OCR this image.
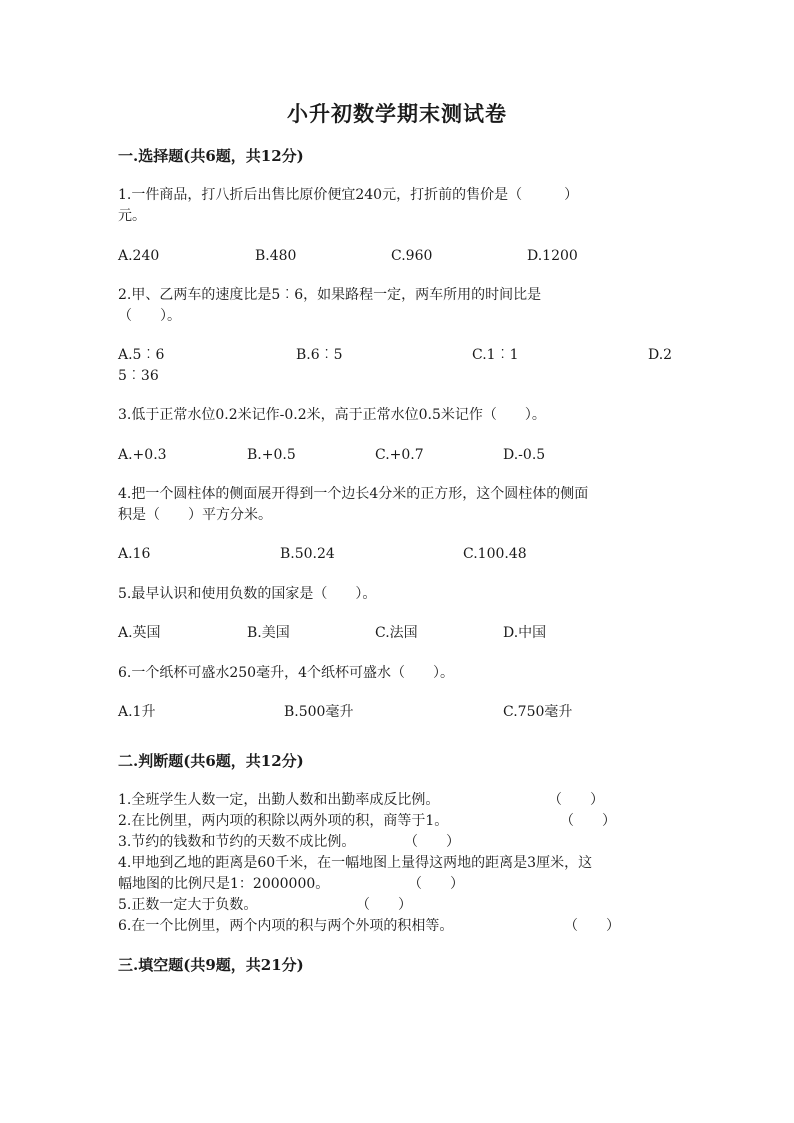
小升初数学期末测试卷
一.选择题(共6题，共12分)
1.一件商品，打八折后出售比原价便宜240元，打折前的售价是（　　　）
元。
A.240	B.480	C.960	D.1200
2.甲、乙两车的速度比是5︰6，如果路程一定，两车所用的时间比是
（　　）。
A.5︰6	B.6︰5	C.1︰1	D.2
5︰36
3.低于正常水位0.2米记作-0.2米，高于正常水位0.5米记作（　　）。
A.+0.3	B.+0.5	C.+0.7	D.-0.5
4.把一个圆柱体的侧面展开得到一个边长4分米的正方形，这个圆柱体的侧面
积是（　　）平方分米。
A.16	B.50.24	C.100.48
5.最早认识和使用负数的国家是（　　）。
A.英国	B.美国	C.法国	D.中国
6.一个纸杯可盛水250毫升，4个纸杯可盛水（　　）。
A.1升	B.500毫升	C.750毫升
二.判断题(共6题，共12分)
1.全班学生人数一定，出勤人数和出勤率成反比例。	（　　）
2.在比例里，两内项的积除以两外项的积，商等于1。	（　　）
3.节约的钱数和节约的天数不成比例。	（　　）
4.甲地到乙地的距离是60千米，在一幅地图上量得这两地的距离是3厘米，这
幅地图的比例尺是1：2000000。	（　　）
5.正数一定大于负数。	（　　）
6.在一个比例里，两个内项的积与两个外项的积相等。	（　　）
三.填空题(共9题，共21分)
